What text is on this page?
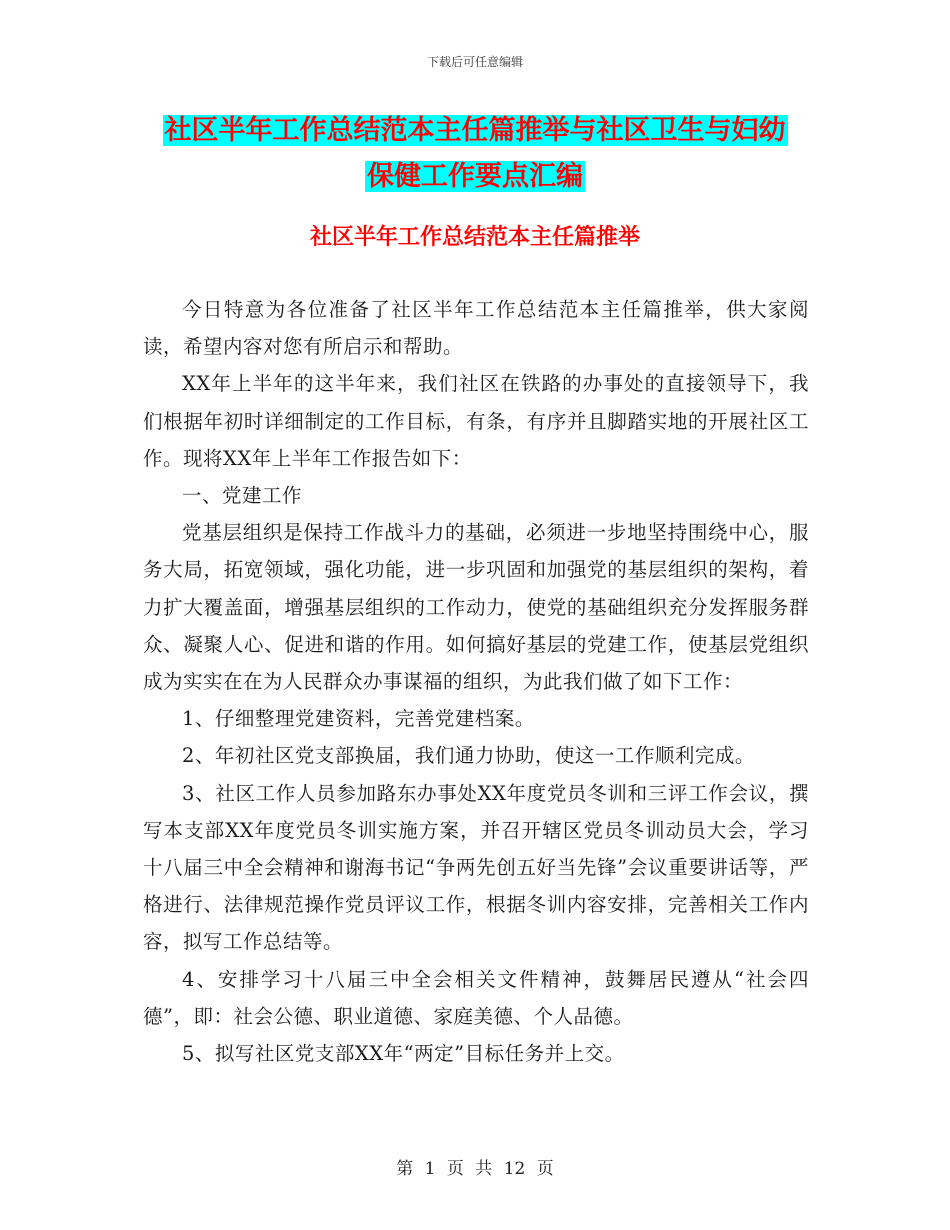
下载后可任意编辑
社区半年工作总结范本主任篇推举与社区卫生与妇幼
保健工作要点汇编
社区半年工作总结范本主任篇推举

今日特意为各位准备了社区半年工作总结范本主任篇推举，供大家阅读，希望内容对您有所启示和帮助。

XX年上半年的这半年来，我们社区在铁路的办事处的直接领导下，我们根据年初时详细制定的工作目标，有条，有序并且脚踏实地的开展社区工作。现将XX年上半年工作报告如下：

一、党建工作

党基层组织是保持工作战斗力的基础，必须进一步地坚持围绕中心，服务大局，拓宽领域，强化功能，进一步巩固和加强党的基层组织的架构，着力扩大覆盖面，增强基层组织的工作动力，使党的基础组织充分发挥服务群众、凝聚人心、促进和谐的作用。如何搞好基层的党建工作，使基层党组织成为实实在在为人民群众办事谋福的组织，为此我们做了如下工作：

1、仔细整理党建资料，完善党建档案。

2、年初社区党支部换届，我们通力协助，使这一工作顺利完成。

3、社区工作人员参加路东办事处XX年度党员冬训和三评工作会议，撰写本支部XX年度党员冬训实施方案，并召开辖区党员冬训动员大会，学习十八届三中全会精神和谢海书记“争两先创五好当先锋”会议重要讲话等，严格进行、法律规范操作党员评议工作，根据冬训内容安排，完善相关工作内容，拟写工作总结等。

4、安排学习十八届三中全会相关文件精神，鼓舞居民遵从“社会四德”，即：社会公德、职业道德、家庭美德、个人品德。

5、拟写社区党支部XX年“两定”目标任务并上交。

第 1 页 共 12 页
